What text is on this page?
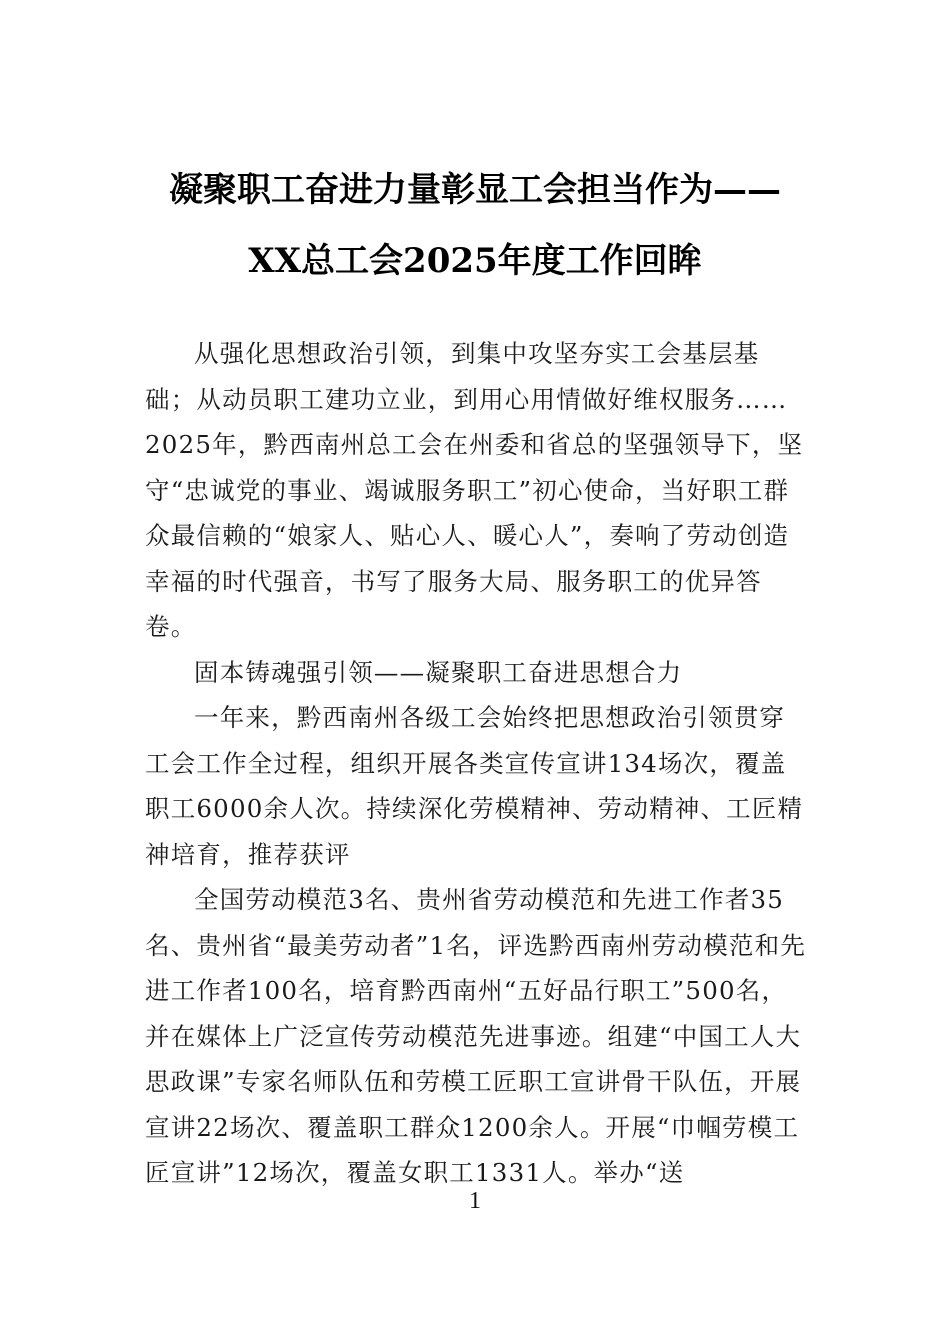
凝聚职工奋进力量彰显工会担当作为——
XX总工会2025年度工作回眸

从强化思想政治引领，到集中攻坚夯实工会基层基础；从动员职工建功立业，到用心用情做好维权服务……2025年，黔西南州总工会在州委和省总的坚强领导下，坚守“忠诚党的事业、竭诚服务职工”初心使命，当好职工群众最信赖的“娘家人、贴心人、暖心人”，奏响了劳动创造幸福的时代强音，书写了服务大局、服务职工的优异答卷。

固本铸魂强引领——凝聚职工奋进思想合力

一年来，黔西南州各级工会始终把思想政治引领贯穿工会工作全过程，组织开展各类宣传宣讲134场次，覆盖职工6000余人次。持续深化劳模精神、劳动精神、工匠精神培育，推荐获评

全国劳动模范3名、贵州省劳动模范和先进工作者35名、贵州省“最美劳动者”1名，评选黔西南州劳动模范和先进工作者100名，培育黔西南州“五好品行职工”500名，并在媒体上广泛宣传劳动模范先进事迹。组建“中国工人大思政课”专家名师队伍和劳模工匠职工宣讲骨干队伍，开展宣讲22场次、覆盖职工群众1200余人。开展“巾帼劳模工匠宣讲”12场次，覆盖女职工1331人。举办“送

1
